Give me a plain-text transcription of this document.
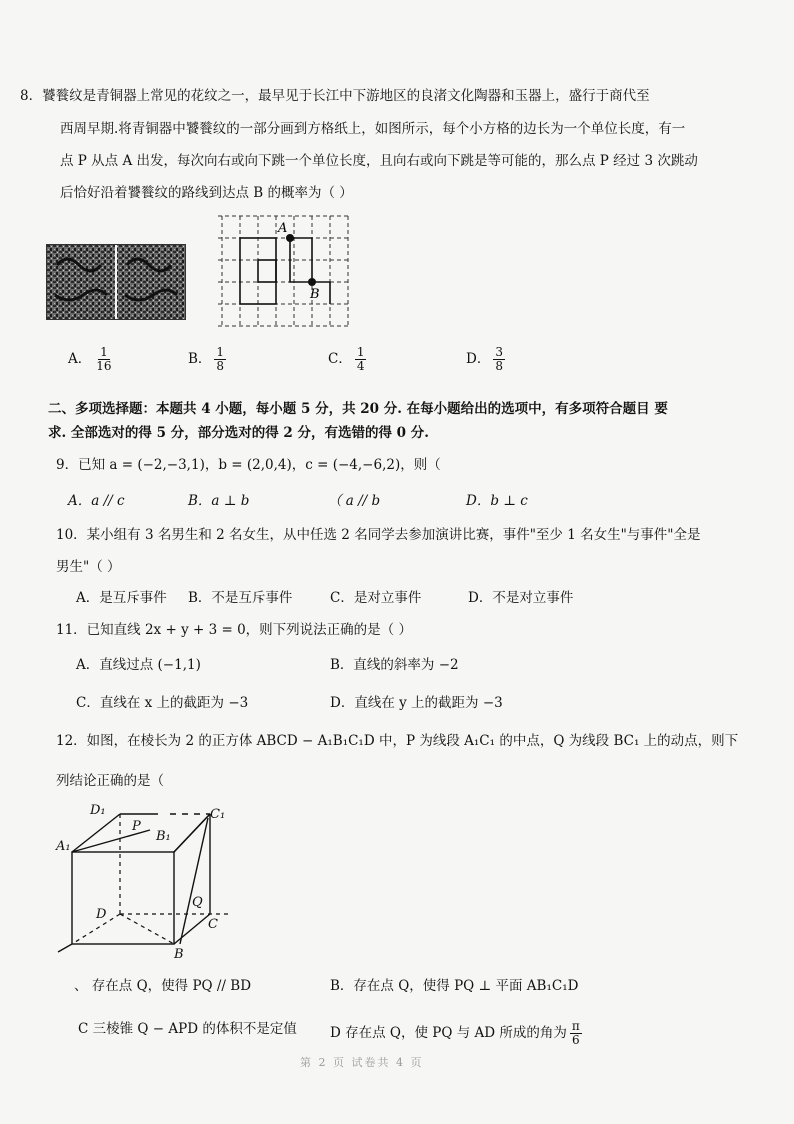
8．饕餮纹是青铜器上常见的花纹之一，最早见于长江中下游地区的良渚文化陶器和玉器上，盛行于商代至
西周早期.将青铜器中饕餮纹的一部分画到方格纸上，如图所示，每个小方格的边长为一个单位长度，有一
点 P 从点 A 出发，每次向右或向下跳一个单位长度，且向右或向下跳是等可能的，那么点 P 经过 3 次跳动
后恰好沿着饕餮纹的路线到达点 B 的概率为（ ）
A
B
A． $\frac{1}{16}$	B． $\frac{1}{8}$	C． $\frac{1}{4}$	D． $\frac{3}{8}$
二、多项选择题：本题共 4 小题，每小题 5 分，共 20 分. 在每小题给出的选项中，有多项符合题目 要
求. 全部选对的得 5 分，部分选对的得 2 分，有选错的得 0 分.
9．已知 a = (−2,−3,1)，b = (2,0,4)，c = (−4,−6,2)，则（
A．a // c	B．a ⊥ b	（ a // b	D．b ⊥ c
10．某小组有 3 名男生和 2 名女生，从中任选 2 名同学去参加演讲比赛，事件"至少 1 名女生"与事件"全是
男生"（ ）
A．是互斥事件 B．不是互斥事件	C．是对立事件	D．不是对立事件
11．已知直线 2x + y + 3 = 0，则下列说法正确的是（ ）
A．直线过点 (−1,1)	B．直线的斜率为 −2
C．直线在 x 上的截距为 −3	D．直线在 y 上的截距为 −3
12．如图，在棱长为 2 的正方体 ABCD − A₁B₁C₁D 中，P 为线段 A₁C₁ 的中点，Q 为线段 BC₁ 上的动点，则下
列结论正确的是（
D₁	C₁
A₁
B₁
P
D
C
B
Q
、 存在点 Q，使得 PQ // BD	B．存在点 Q，使得 PQ ⊥ 平面 AB₁C₁D
C 三棱锥 Q − APD 的体积不是定值 D 存在点 Q，使 PQ 与 AD 所成的角为 $\frac{\pi}{6}$
第 2 页 试卷共 4 页
